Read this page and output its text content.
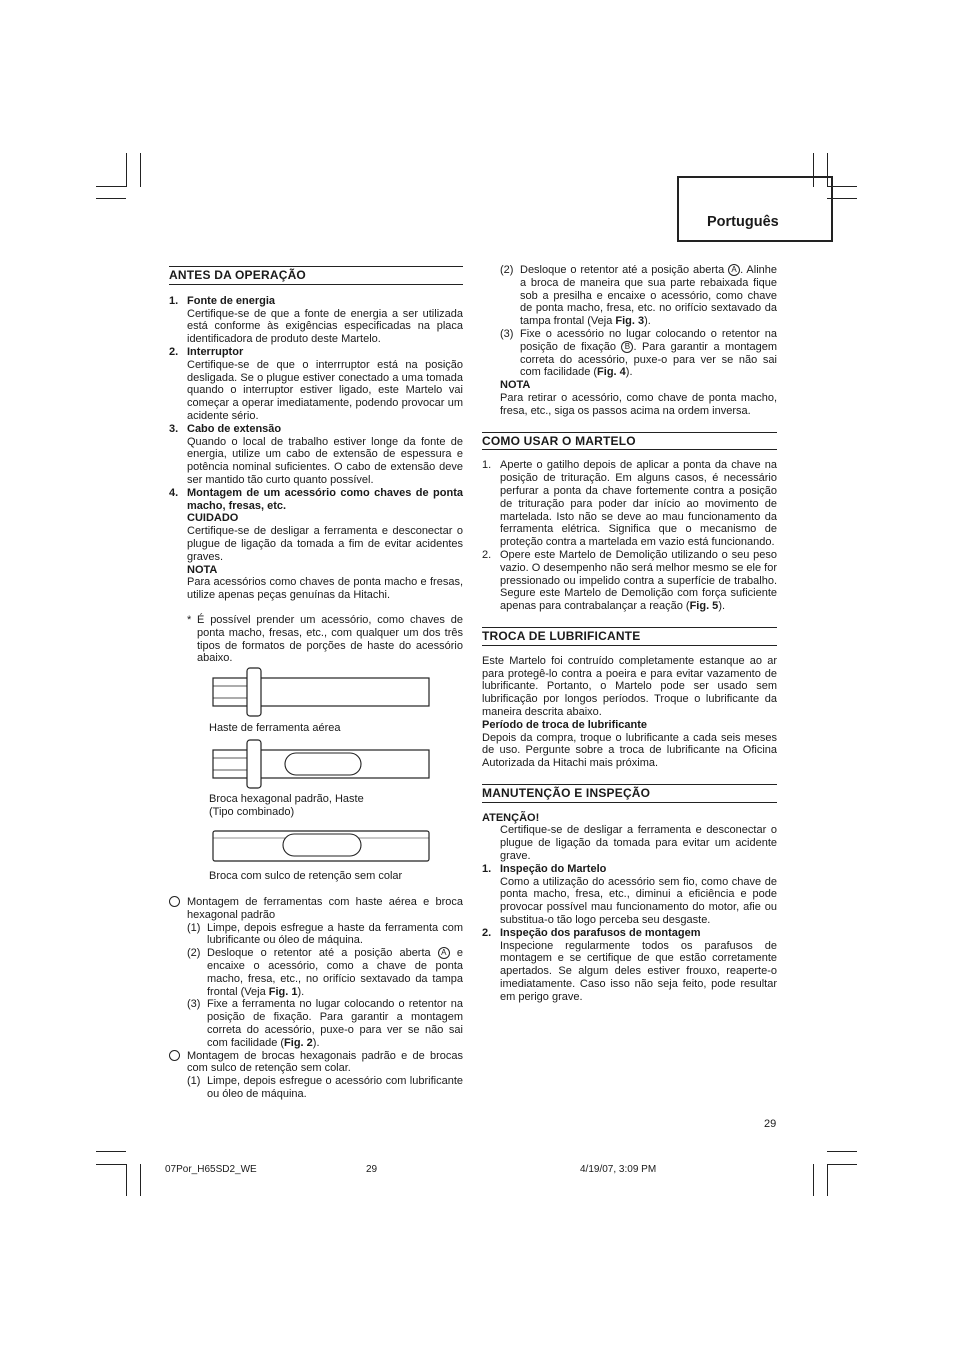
Português
ANTES DA OPERAÇÃO
1. Fonte de energia
Certifique-se de que a fonte de energia a ser utilizada está conforme às exigências especificadas na placa identificadora de produto deste Martelo.
2. Interruptor
Certifique-se de que o interrruptor está na posição desligada. Se o plugue estiver conectado a uma tomada quando o interruptor estiver ligado, este Martelo vai começar a operar imediatamente, podendo provocar um acidente sério.
3. Cabo de extensão
Quando o local de trabalho estiver longe da fonte de energia, utilize um cabo de extensão de espessura e potência nominal suficientes. O cabo de extensão deve ser mantido tão curto quanto possível.
4. Montagem de um acessório como chaves de ponta macho, fresas, etc.
CUIDADO
Certifique-se de desligar a ferramenta e desconectar o plugue de ligação da tomada a fim de evitar acidentes graves.
NOTA
Para acessórios como chaves de ponta macho e fresas, utilize apenas peças genuínas da Hitachi.
* É possível prender um acessório, como chaves de ponta macho, fresas, etc., com qualquer um dos três tipos de formatos de porções de haste do acessório abaixo.
Haste de ferramenta aérea
Broca hexagonal padrão, Haste
(Tipo combinado)
Broca com sulco de retenção sem colar
Montagem de ferramentas com haste aérea e broca hexagonal padrão
(1) Limpe, depois esfregue a haste da ferramenta com lubrificante ou óleo de máquina.
(2) Desloque o retentor até a posição aberta A e encaixe o acessório, como a chave de ponta macho, fresa, etc., no orifício sextavado da tampa frontal (Veja Fig. 1).
(3) Fixe a ferramenta no lugar colocando o retentor na posição de fixação. Para garantir a montagem correta do acessório, puxe-o para ver se não sai com facilidade (Fig. 2).
Montagem de brocas hexagonais padrão e de brocas com sulco de retenção sem colar.
(1) Limpe, depois esfregue o acessório com lubrificante ou óleo de máquina.
(2) Desloque o retentor até a posição aberta A . Alinhe a broca de maneira que sua parte rebaixada fique sob a presilha e encaixe o acessório, como chave de ponta macho, fresa, etc. no orifício sextavado da tampa frontal (Veja Fig. 3).
(3) Fixe o acessório no lugar colocando o retentor na posição de fixação B . Para garantir a montagem correta do acessório, puxe-o para ver se não sai com facilidade (Fig. 4).
NOTA
Para retirar o acessório, como chave de ponta macho, fresa, etc., siga os passos acima na ordem inversa.
COMO USAR O MARTELO
1. Aperte o gatilho depois de aplicar a ponta da chave na posição de trituração. Em alguns casos, é necessário perfurar a ponta da chave fortemente contra a posição de trituração para poder dar início ao movimento de martelada. Isto não se deve ao mau funcionamento da ferramenta elétrica. Significa que o mecanismo de proteção contra a martelada em vazio está funcionando.
2. Opere este Martelo de Demolição utilizando o seu peso vazio. O desempenho não será melhor mesmo se ele for pressionado ou impelido contra a superfície de trabalho. Segure este Martelo de Demolição com força suficiente apenas para contrabalançar a reação (Fig. 5).
TROCA DE LUBRIFICANTE
Este Martelo foi contruído completamente estanque ao ar para protegê-lo contra a poeira e para evitar vazamento de lubrificante. Portanto, o Martelo pode ser usado sem lubrificação por longos períodos. Troque o lubrificante da maneira descrita abaixo.
Período de troca de lubrificante
Depois da compra, troque o lubrificante a cada seis meses de uso. Pergunte sobre a troca de lubrificante na Oficina Autorizada da Hitachi mais próxima.
MANUTENÇÃO E INSPEÇÃO
ATENÇÃO!
Certifique-se de desligar a ferramenta e desconectar o plugue de ligação da tomada para evitar um acidente grave.
1. Inspeção do Martelo
Como a utilização do acessório sem fio, como chave de ponta macho, fresa, etc., diminui a eficiência e pode provocar possível mau funcionamento do motor, afie ou substitua-o tão logo perceba seu desgaste.
2. Inspeção dos parafusos de montagem
Inspecione regularmente todos os parafusos de montagem e se certifique de que estão corretamente apertados. Se algum deles estiver frouxo, reaperte-o imediatamente. Caso isso não seja feito, pode resultar em perigo grave.
29
07Por_H65SD2_WE	29	4/19/07, 3:09 PM
